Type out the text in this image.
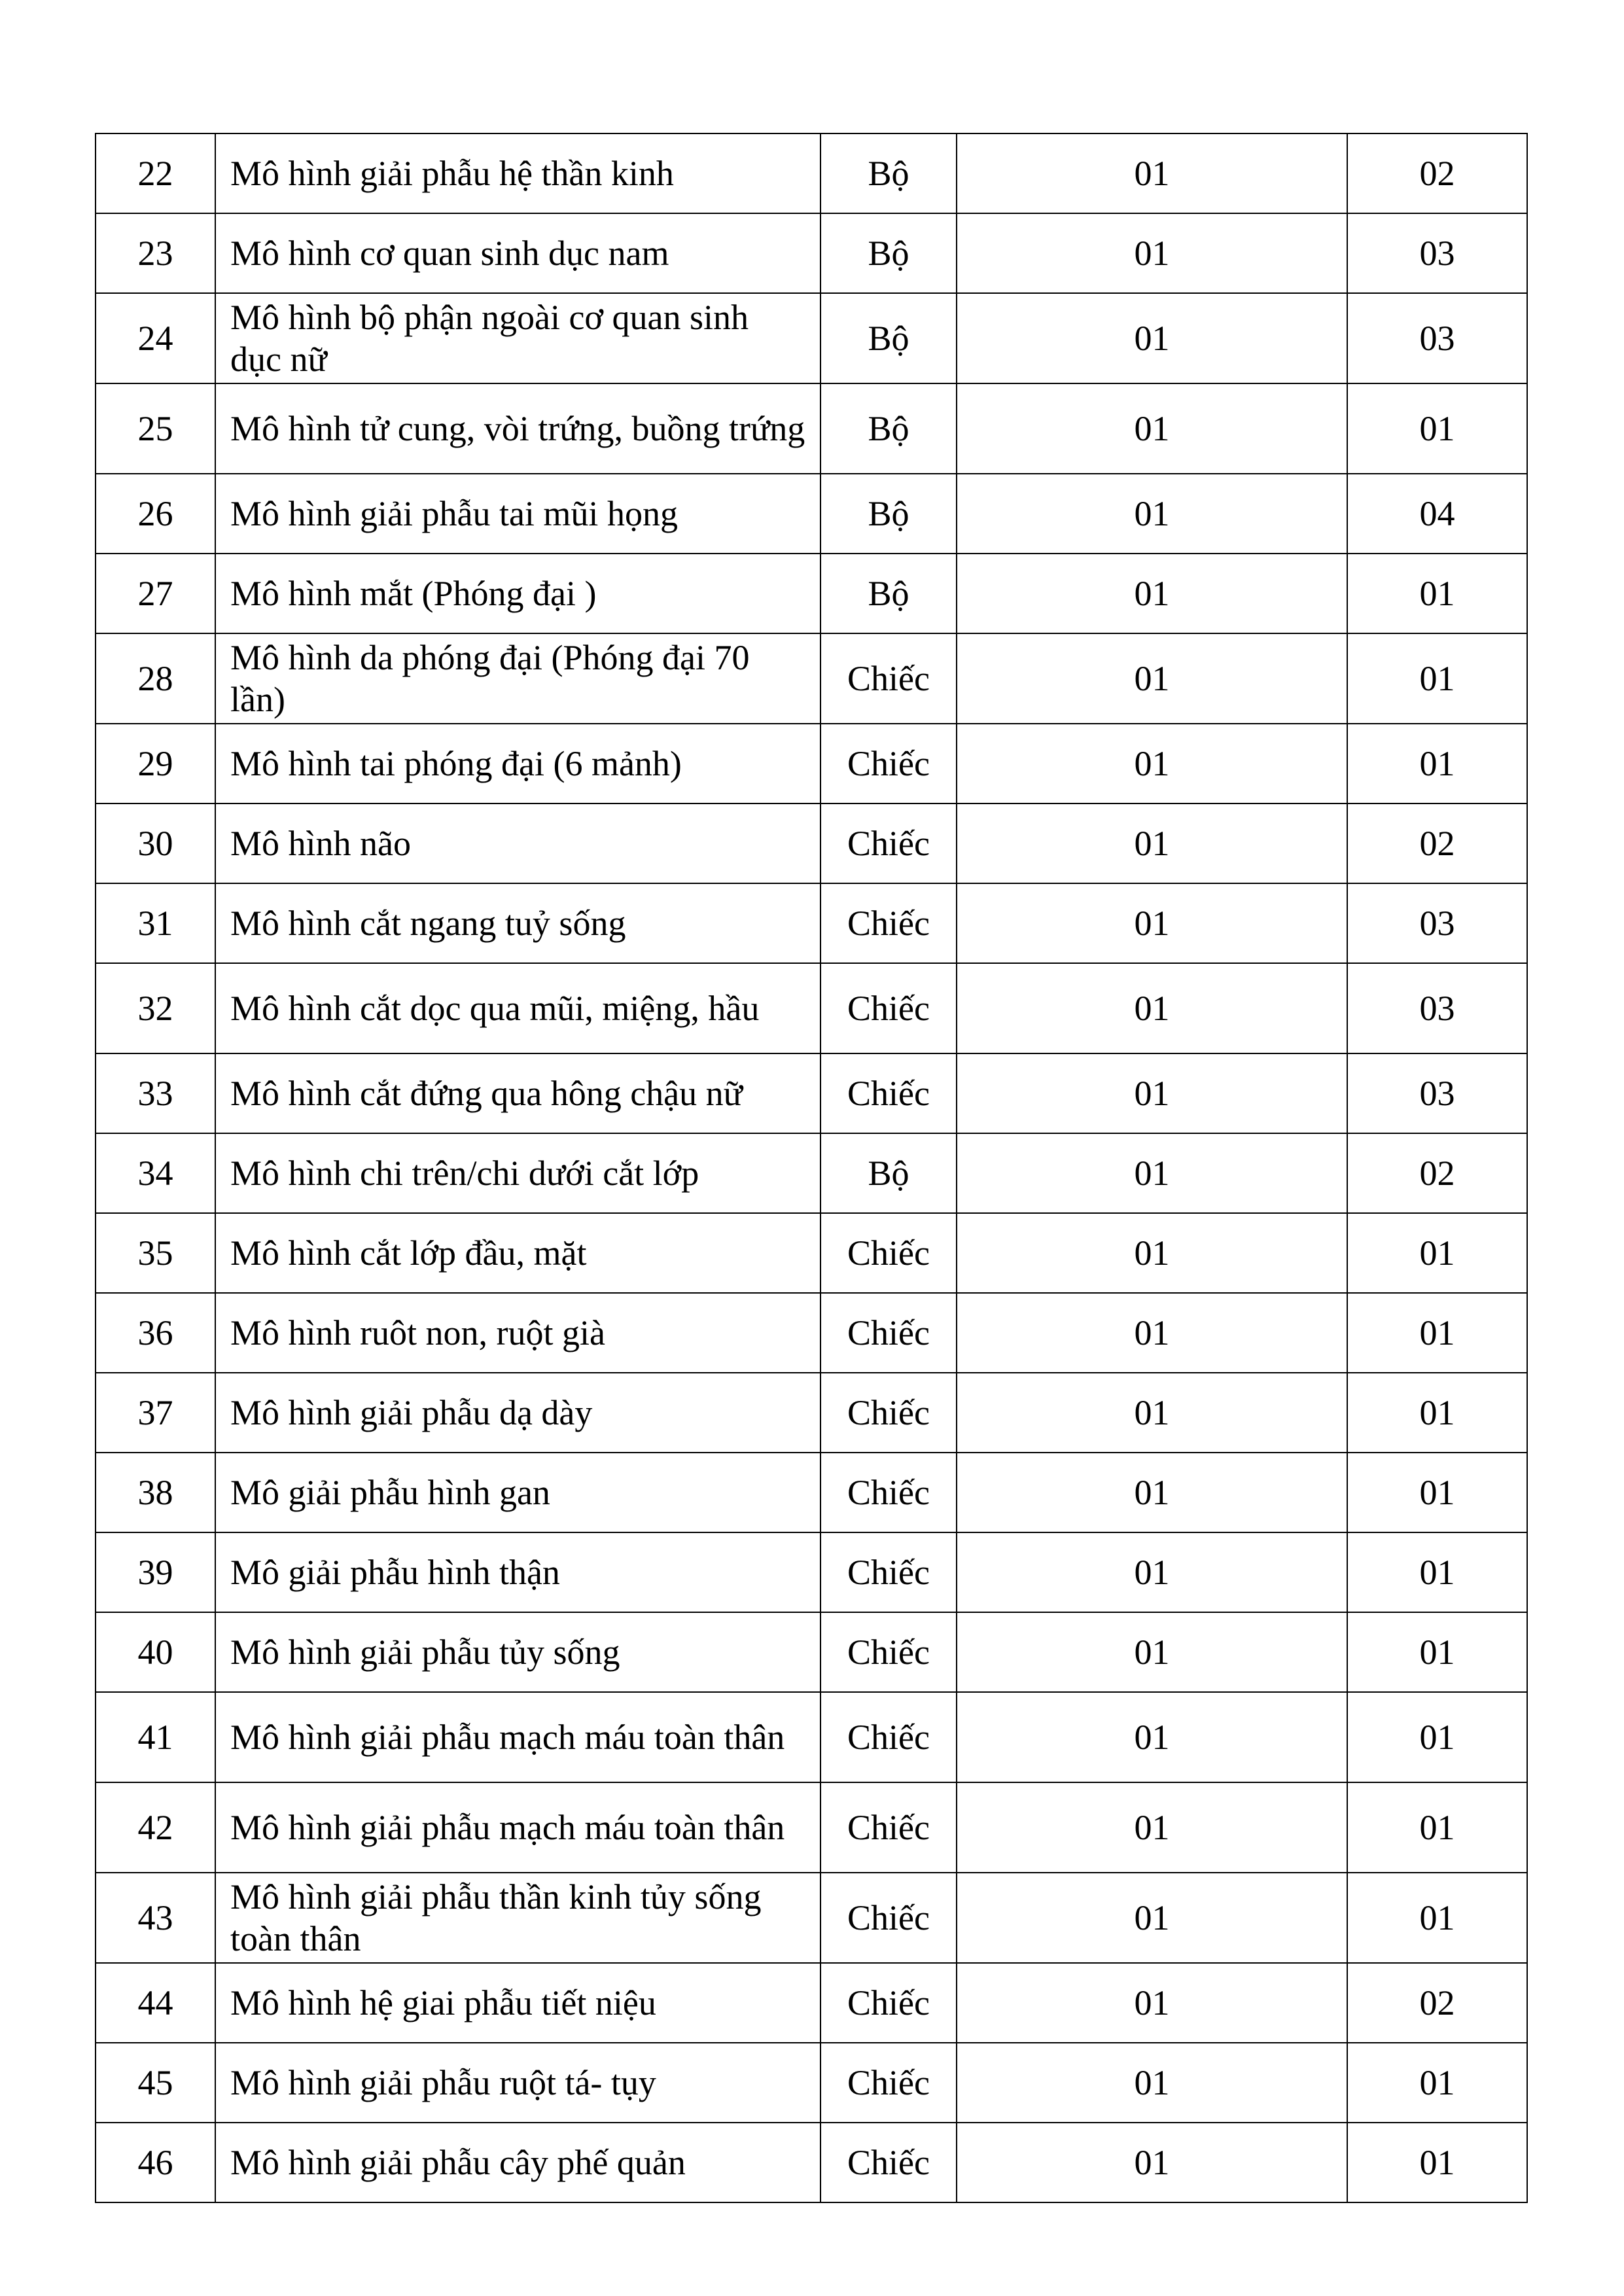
22	Mô hình giải phẫu hệ thần kinh	Bộ	01	02
23	Mô hình cơ quan sinh dục nam	Bộ	01	03
24	Mô hình bộ phận ngoài cơ quan sinh dục nữ	Bộ	01	03
25	Mô hình tử cung, vòi trứng, buồng trứng	Bộ	01	01
26	Mô hình giải phẫu tai mũi họng	Bộ	01	04
27	Mô hình mắt (Phóng đại )	Bộ	01	01
28	Mô hình da phóng đại (Phóng đại 70 lần)	Chiếc	01	01
29	Mô hình tai phóng đại (6 mảnh)	Chiếc	01	01
30	Mô hình não	Chiếc	01	02
31	Mô hình cắt ngang tuỷ sống	Chiếc	01	03
32	Mô hình cắt dọc qua mũi, miệng, hầu	Chiếc	01	03
33	Mô hình cắt đứng qua hông chậu nữ	Chiếc	01	03
34	Mô hình chi trên/chi dưới cắt lớp	Bộ	01	02
35	Mô hình cắt lớp đầu, mặt	Chiếc	01	01
36	Mô hình ruôt non, ruột già	Chiếc	01	01
37	Mô hình giải phẫu dạ dày	Chiếc	01	01
38	Mô giải phẫu hình gan	Chiếc	01	01
39	Mô giải phẫu hình thận	Chiếc	01	01
40	Mô hình giải phẫu tủy sống	Chiếc	01	01
41	Mô hình giải phẫu mạch máu toàn thân	Chiếc	01	01
42	Mô hình giải phẫu mạch máu toàn thân	Chiếc	01	01
43	Mô hình giải phẫu thần kinh tủy sống toàn thân	Chiếc	01	01
44	Mô hình hệ giai phẫu tiết niệu	Chiếc	01	02
45	Mô hình giải phẫu ruột tá- tụy	Chiếc	01	01
46	Mô hình giải phẫu cây phế quản	Chiếc	01	01
